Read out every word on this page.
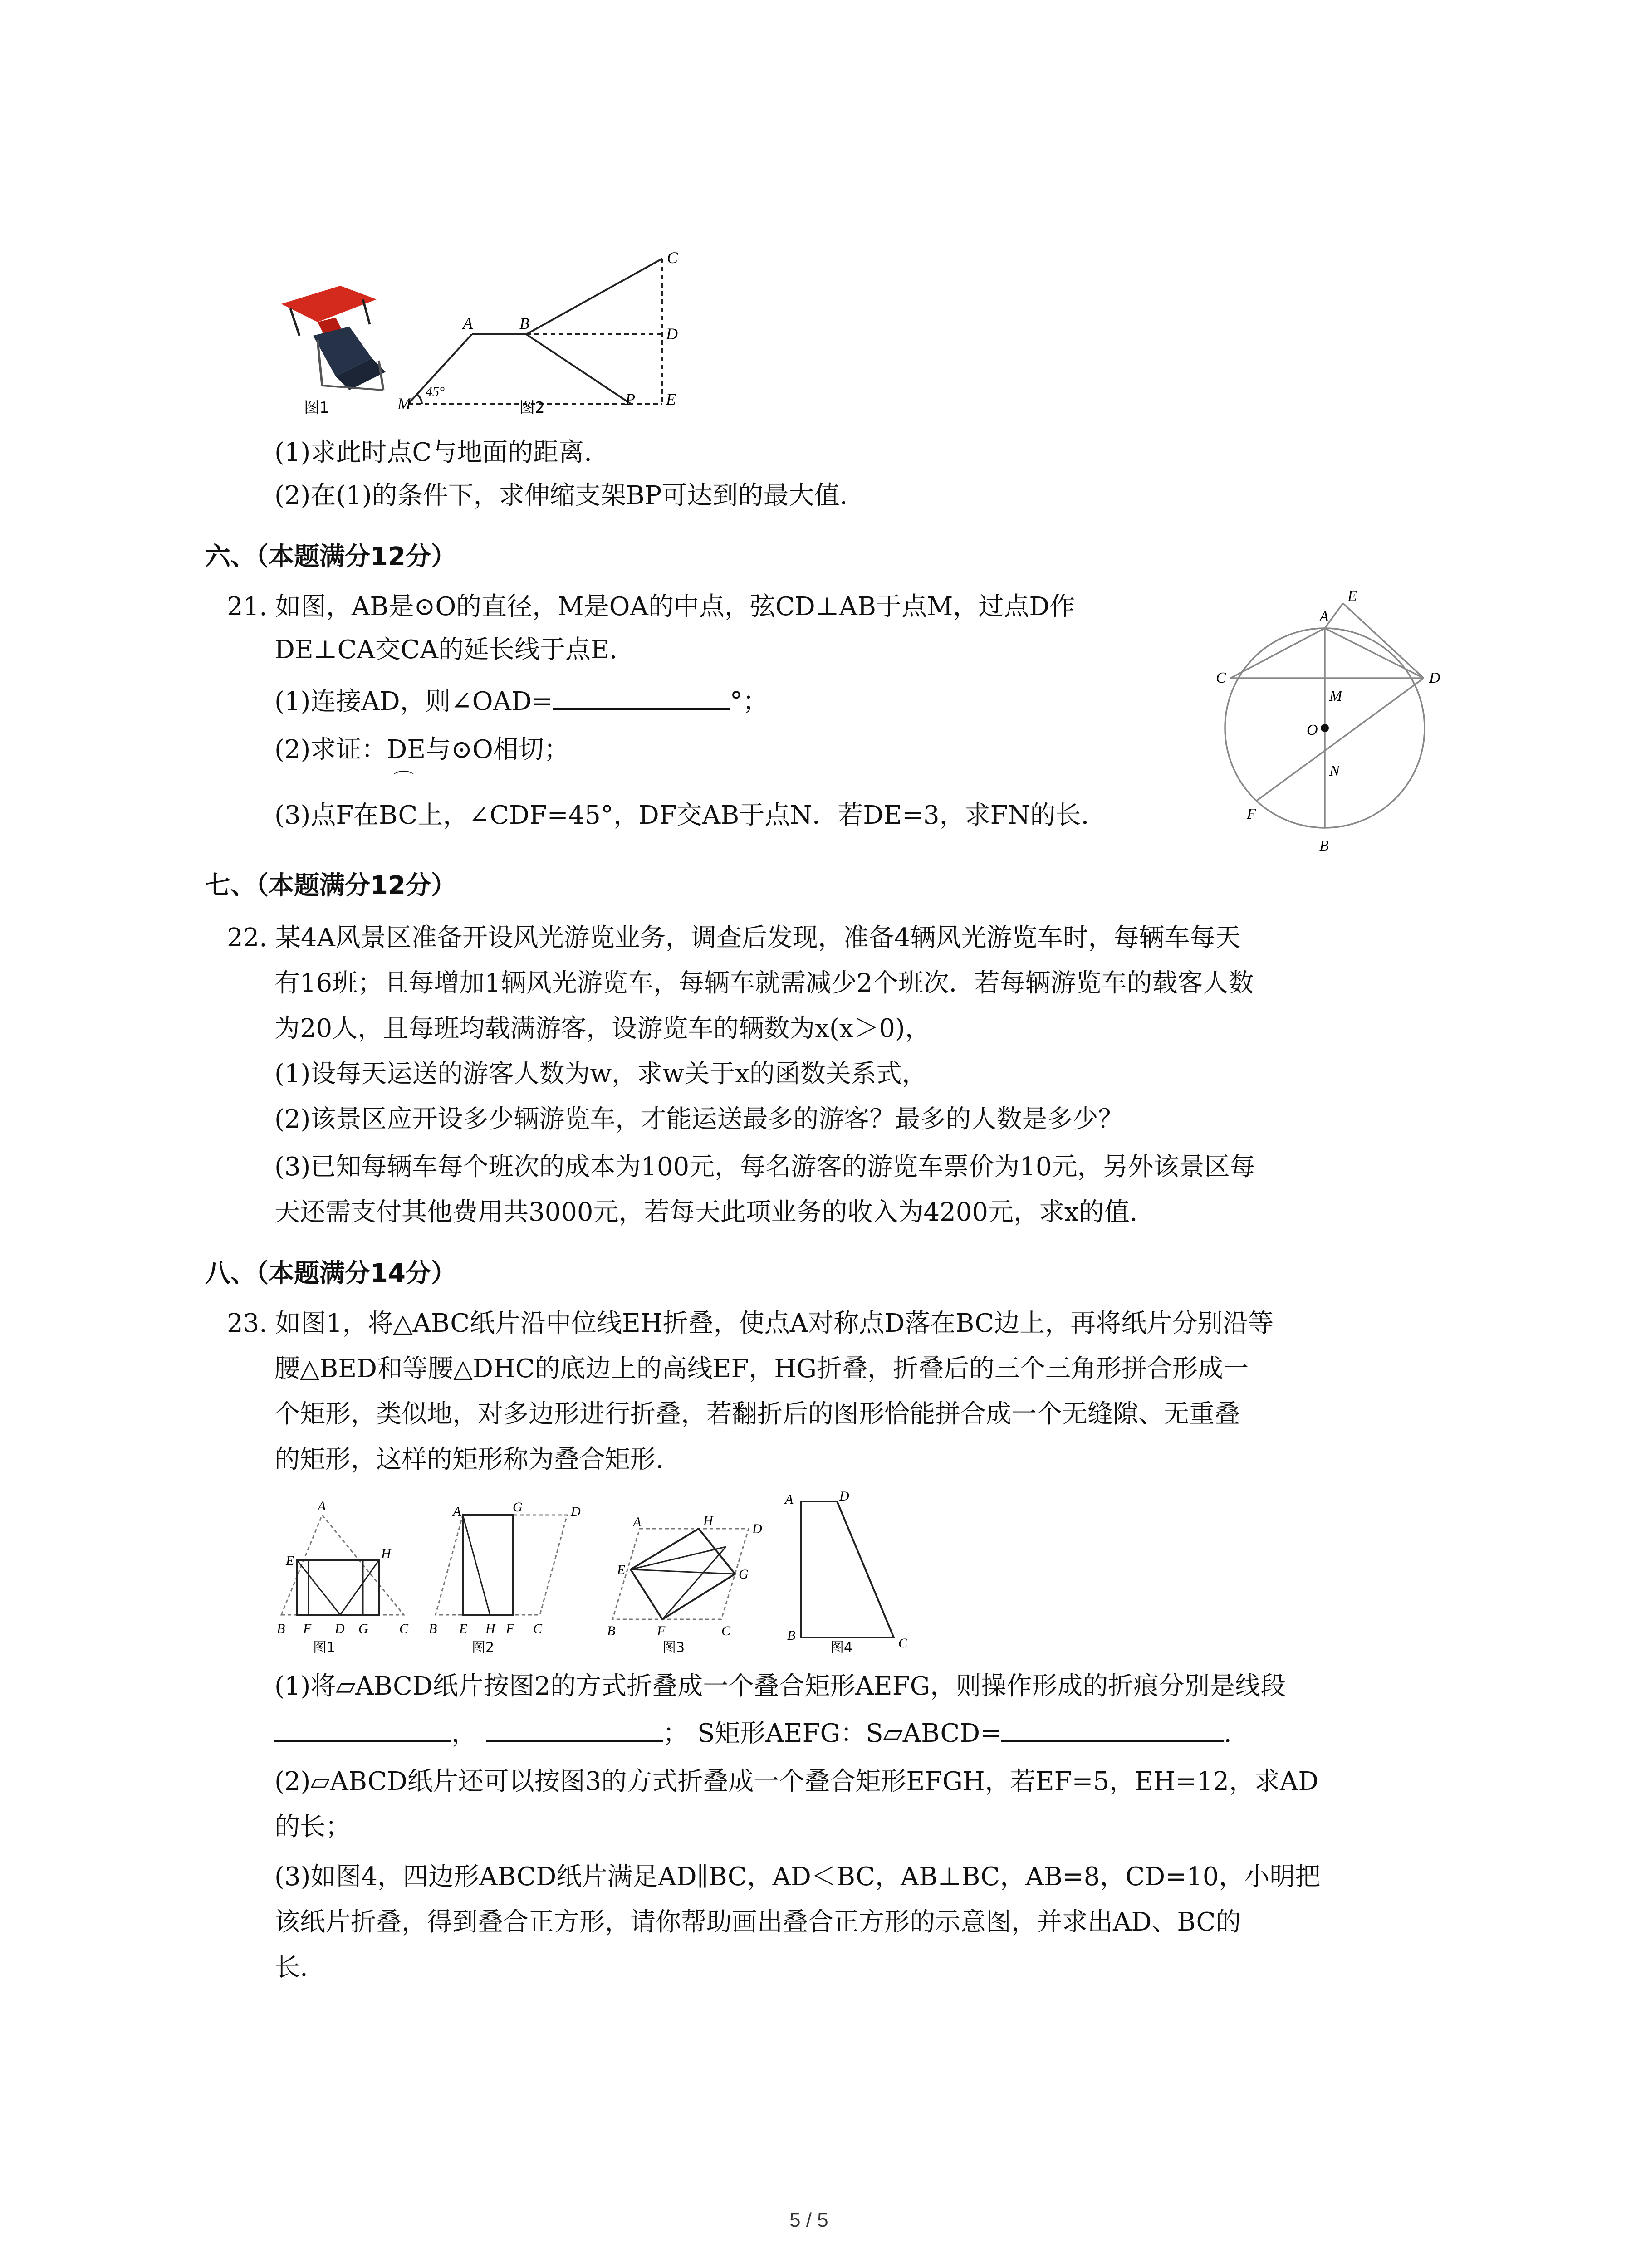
图1
45°
A	B
C
D
E
M	P
图2
(1)求此时点C与地面的距离.
(2)在(1)的条件下，求伸缩支架BP可达到的最大值.
六、（本题满分12分）
21. 如图，AB是⊙O的直径，M是OA的中点，弦CD⊥AB于点M，过点D作
DE⊥CA交CA的延长线于点E.
(1)连接AD，则∠OAD=	°；
(2)求证：DE与⊙O相切；
⌒
(3)点F在BC上，∠CDF=45°，DF交AB于点N．若DE=3，求FN的长.
A
E
C
M
D
O
N
F
B
七、（本题满分12分）
22. 某4A风景区准备开设风光游览业务，调查后发现，准备4辆风光游览车时，每辆车每天
有16班；且每增加1辆风光游览车，每辆车就需减少2个班次．若每辆游览车的载客人数
为20人，且每班均载满游客，设游览车的辆数为x(x＞0)，
(1)设每天运送的游客人数为w，求w关于x的函数关系式，
(2)该景区应开设多少辆游览车，才能运送最多的游客？最多的人数是多少？
(3)已知每辆车每个班次的成本为100元，每名游客的游览车票价为10元，另外该景区每
天还需支付其他费用共3000元，若每天此项业务的收入为4200元，求x的值.
八、（本题满分14分）
23. 如图1，将△ABC纸片沿中位线EH折叠，使点A对称点D落在BC边上，再将纸片分别沿等
腰△BED和等腰△DHC的底边上的高线EF，HG折叠，折叠后的三个三角形拼合形成一
个矩形，类似地，对多边形进行折叠，若翻折后的图形恰能拼合成一个无缝隙、无重叠
的矩形，这样的矩形称为叠合矩形.
A
E	H
B F D G C
图1
A	G	D
B E H F C
图2
A	H
D
E	G
B	F	C
图3
A	D
B
C
图4
(1)将▱ABCD纸片按图2的方式折叠成一个叠合矩形AEFG，则操作形成的折痕分别是线段
，	； S矩形AEFG：S▱ABCD=	.
(2)▱ABCD纸片还可以按图3的方式折叠成一个叠合矩形EFGH，若EF=5，EH=12，求AD
的长；
(3)如图4，四边形ABCD纸片满足AD∥BC，AD＜BC，AB⊥BC，AB=8，CD=10，小明把
该纸片折叠，得到叠合正方形，请你帮助画出叠合正方形的示意图，并求出AD、BC的
长.
5 / 5
